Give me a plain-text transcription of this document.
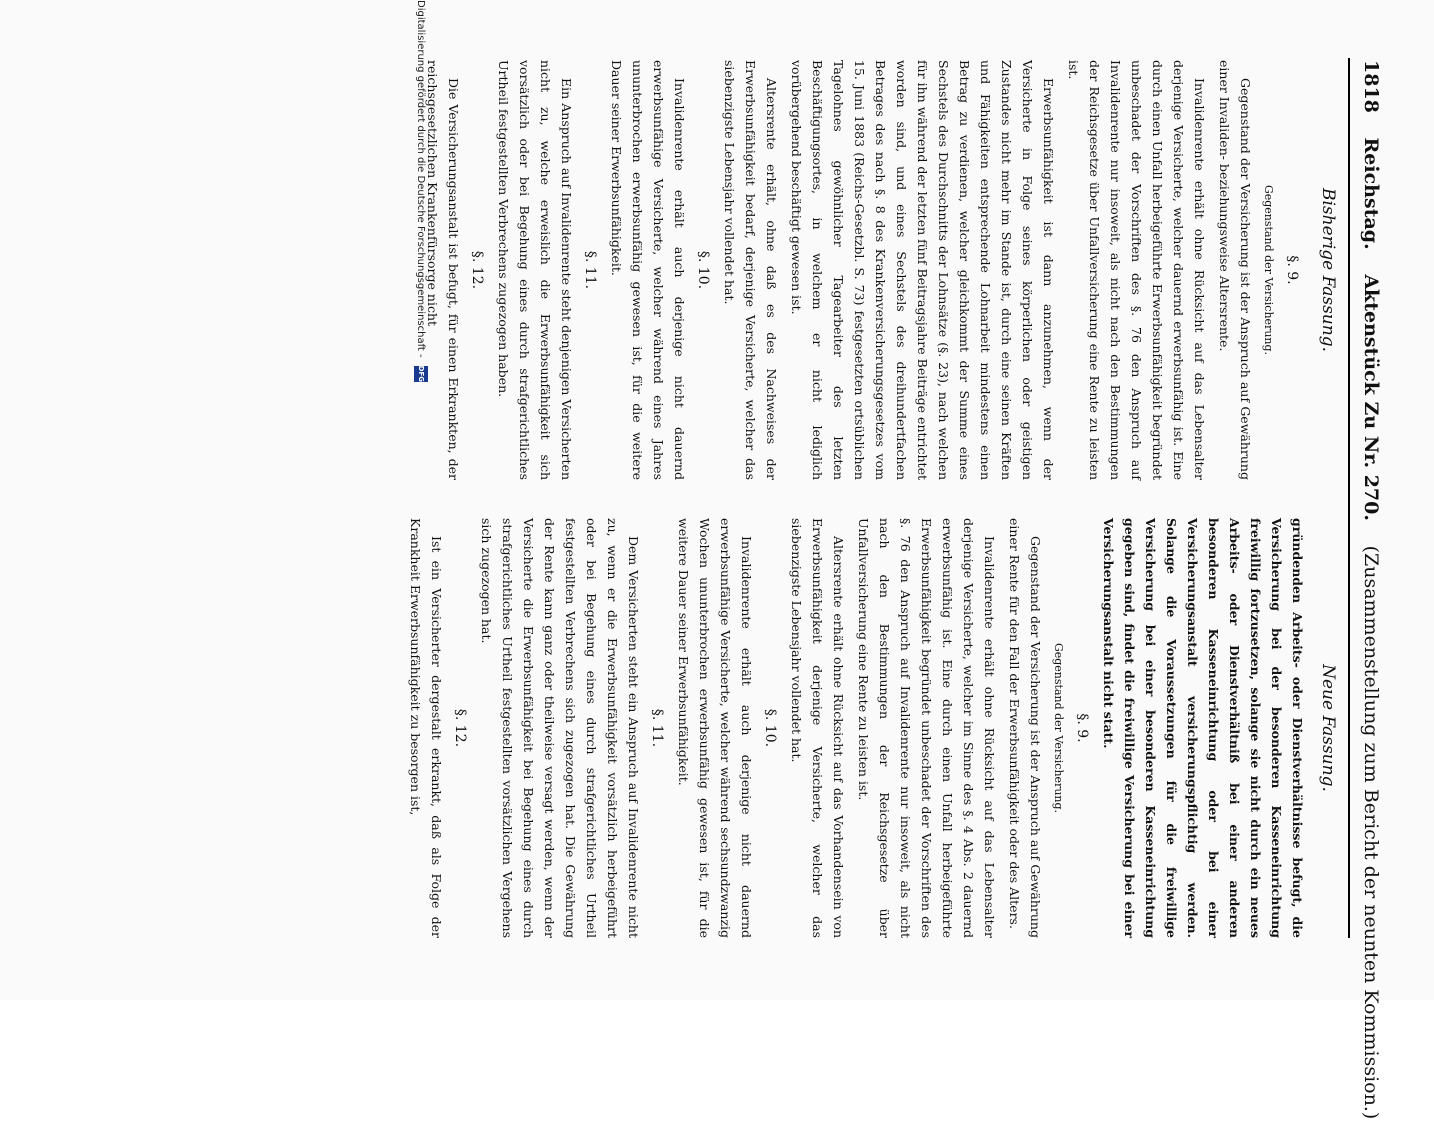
1818 Reichstag. Aktenstück Zu Nr. 270. (Zusammenstellung zum Bericht der neunten Kommission.)
Bisherige Fassung.
Neue Fassung.
§. 9.
Gegenstand der Versicherung.

Gegenstand der Versicherung ist der Anspruch auf Gewährung einer Invaliden- beziehungsweise Altersrente.

Invalidenrente erhält ohne Rücksicht auf das Lebensalter derjenige Versicherte, welcher dauernd erwerbsunfähig ist. Eine durch einen Unfall herbeigeführte Erwerbsunfähigkeit begründet unbeschadet der Vorschriften des §. 76 den Anspruch auf Invalidenrente nur insoweit, als nicht nach den Bestimmungen der Reichsgesetze über Unfallversicherung eine Rente zu leisten ist.

Erwerbsunfähigkeit ist dann anzunehmen, wenn der Versicherte in Folge seines körperlichen oder geistigen Zustandes nicht mehr im Stande ist, durch eine seinen Kräften und Fähigkeiten entsprechende Lohnarbeit mindestens einen Betrag zu verdienen, welcher gleichkommt der Summe eines Sechstels des Durchschnitts der Lohnsätze (§. 23), nach welchen für ihn während der letzten fünf Beitragsjahre Beiträge entrichtet worden sind, und eines Sechstels des dreihundertfachen Betrages des nach §. 8 des Krankenversicherungsgesetzes vom 15. Juni 1883 (Reichs-Gesetzbl. S. 73) festgesetzten ortsüblichen Tagelohnes gewöhnlicher Tagearbeiter des letzten Beschäftigungsortes, in welchem er nicht lediglich vorübergehend beschäftigt gewesen ist.

Altersrente erhält, ohne daß es des Nachweises der Erwerbsunfähigkeit bedarf, derjenige Versicherte, welcher das siebenzigste Lebensjahr vollendet hat.

§. 10.

Invalidenrente erhält auch derjenige nicht dauernd erwerbsunfähige Versicherte, welcher während eines Jahres ununterbrochen erwerbsunfähig gewesen ist, für die weitere Dauer seiner Erwerbsunfähigkeit.

§. 11.

Ein Anspruch auf Invalidenrente steht denjenigen Versicherten nicht zu, welche erweislich die Erwerbsunfähigkeit sich vorsätzlich oder bei Begehung eines durch strafgerichtliches Urtheil festgestellten Verbrechens zugezogen haben.

§. 12.

Die Versicherungsanstalt ist befugt, für einen Erkrankten, der reichsgesetzlichen Krankenfürsorge nicht

gründenden Arbeits- oder Dienstverhältnisse befugt, die Versicherung bei der besonderen Kasseneinrichtung freiwillig fortzusetzen, solange sie nicht durch ein neues Arbeits- oder Dienstverhältniß bei einer anderen besonderen Kasseneinrichtung oder bei einer Versicherungsanstalt versicherungspflichtig werden. Solange die Voraussetzungen für die freiwillige Versicherung bei einer besonderen Kasseneinrichtung gegeben sind, findet die freiwillige Versicherung bei einer Versicherungsanstalt nicht statt.

§. 9.
Gegenstand der Versicherung.

Gegenstand der Versicherung ist der Anspruch auf Gewährung einer Rente für den Fall der Erwerbsunfähigkeit oder des Alters.

Invalidenrente erhält ohne Rücksicht auf das Lebensalter derjenige Versicherte, welcher im Sinne des §. 4 Abs. 2 dauernd erwerbsunfähig ist. Eine durch einen Unfall herbeigeführte Erwerbsunfähigkeit begründet unbeschadet der Vorschriften des §. 76 den Anspruch auf Invalidenrente nur insoweit, als nicht nach den Bestimmungen der Reichsgesetze über Unfallversicherung eine Rente zu leisten ist.

Altersrente erhält ohne Rücksicht auf das Vorhandensein von Erwerbsunfähigkeit derjenige Versicherte, welcher das siebenzigste Lebensjahr vollendet hat.

§. 10.

Invalidenrente erhält auch derjenige nicht dauernd erwerbsunfähige Versicherte, welcher während sechsundzwanzig Wochen ununterbrochen erwerbsunfähig gewesen ist, für die weitere Dauer seiner Erwerbsunfähigkeit.

§. 11.

Dem Versicherten steht ein Anspruch auf Invalidenrente nicht zu, wenn er die Erwerbsunfähigkeit vorsätzlich herbeigeführt oder bei Begehung eines durch strafgerichtliches Urtheil festgestellten Verbrechens sich zugezogen hat. Die Gewährung der Rente kann ganz oder theilweise versagt werden, wenn der Versicherte die Erwerbsunfähigkeit bei Begehung eines durch strafgerichtliches Urtheil festgestellten vorsätzlichen Vergehens sich zugezogen hat.

§. 12.

Ist ein Versicherter dergestalt erkrankt, daß als Folge der Krankheit Erwerbsunfähigkeit zu besorgen ist,

Digitalisierung gefördert durch die Deutsche Forschungsgemeinschaft -
DFG
